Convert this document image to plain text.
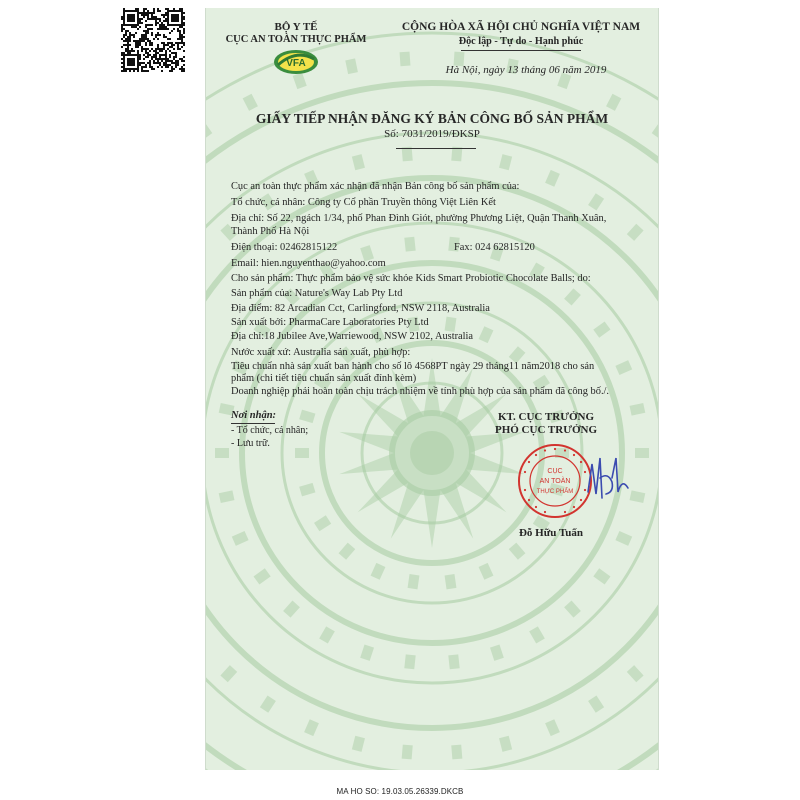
BỘ Y TẾ
CỤC AN TOÀN THỰC PHẨM
VFA
CỘNG HÒA XÃ HỘI CHỦ NGHĨA VIỆT NAM
Độc lập - Tự do - Hạnh phúc
Hà Nội, ngày 13 tháng 06 năm 2019
GIẤY TIẾP NHẬN ĐĂNG KÝ BẢN CÔNG BỐ SẢN PHẨM
Số: 7031/2019/ĐKSP
Cục an toàn thực phẩm xác nhận đã nhận Bản công bố sản phẩm của:
Tổ chức, cá nhân: Công ty Cổ phần Truyền thông Việt Liên Kết
Địa chỉ: Số 22, ngách 1/34, phố Phan Đình Giót, phường Phương Liệt, Quận Thanh Xuân,
Thành Phố Hà Nội
Điện thoại: 02462815122	Fax: 024 62815120
Email: hien.nguyenthao@yahoo.com
Cho sản phẩm: Thực phẩm bảo vệ sức khỏe Kids Smart Probiotic Chocolate Balls; do:
Sản phẩm của: Nature's Way Lab Pty Ltd
Địa điểm: 82 Arcadian Cct, Carlingford, NSW 2118, Australia
Sản xuất bởi: PharmaCare Laboratories Pty Ltd
Địa chỉ:18 Jubilee Ave,Warriewood, NSW 2102, Australia
Nước xuất xứ: Australia sản xuất, phù hợp:
Tiêu chuẩn nhà sản xuất ban hành cho số lô 4568PT ngày 29 tháng11 năm2018 cho sản
phẩm (chi tiết tiêu chuẩn sản xuất đính kèm)
Doanh nghiệp phải hoàn toàn chịu trách nhiệm về tính phù hợp của sản phẩm đã công bố./.
Nơi nhận:
- Tổ chức, cá nhân;
- Lưu trữ.
KT. CỤC TRƯỞNG
PHÓ CỤC TRƯỞNG
CỤC
AN TOÀN
THỰC PHẨM
Đỗ Hữu Tuấn
MA HO SO: 19.03.05.26339.DKCB
